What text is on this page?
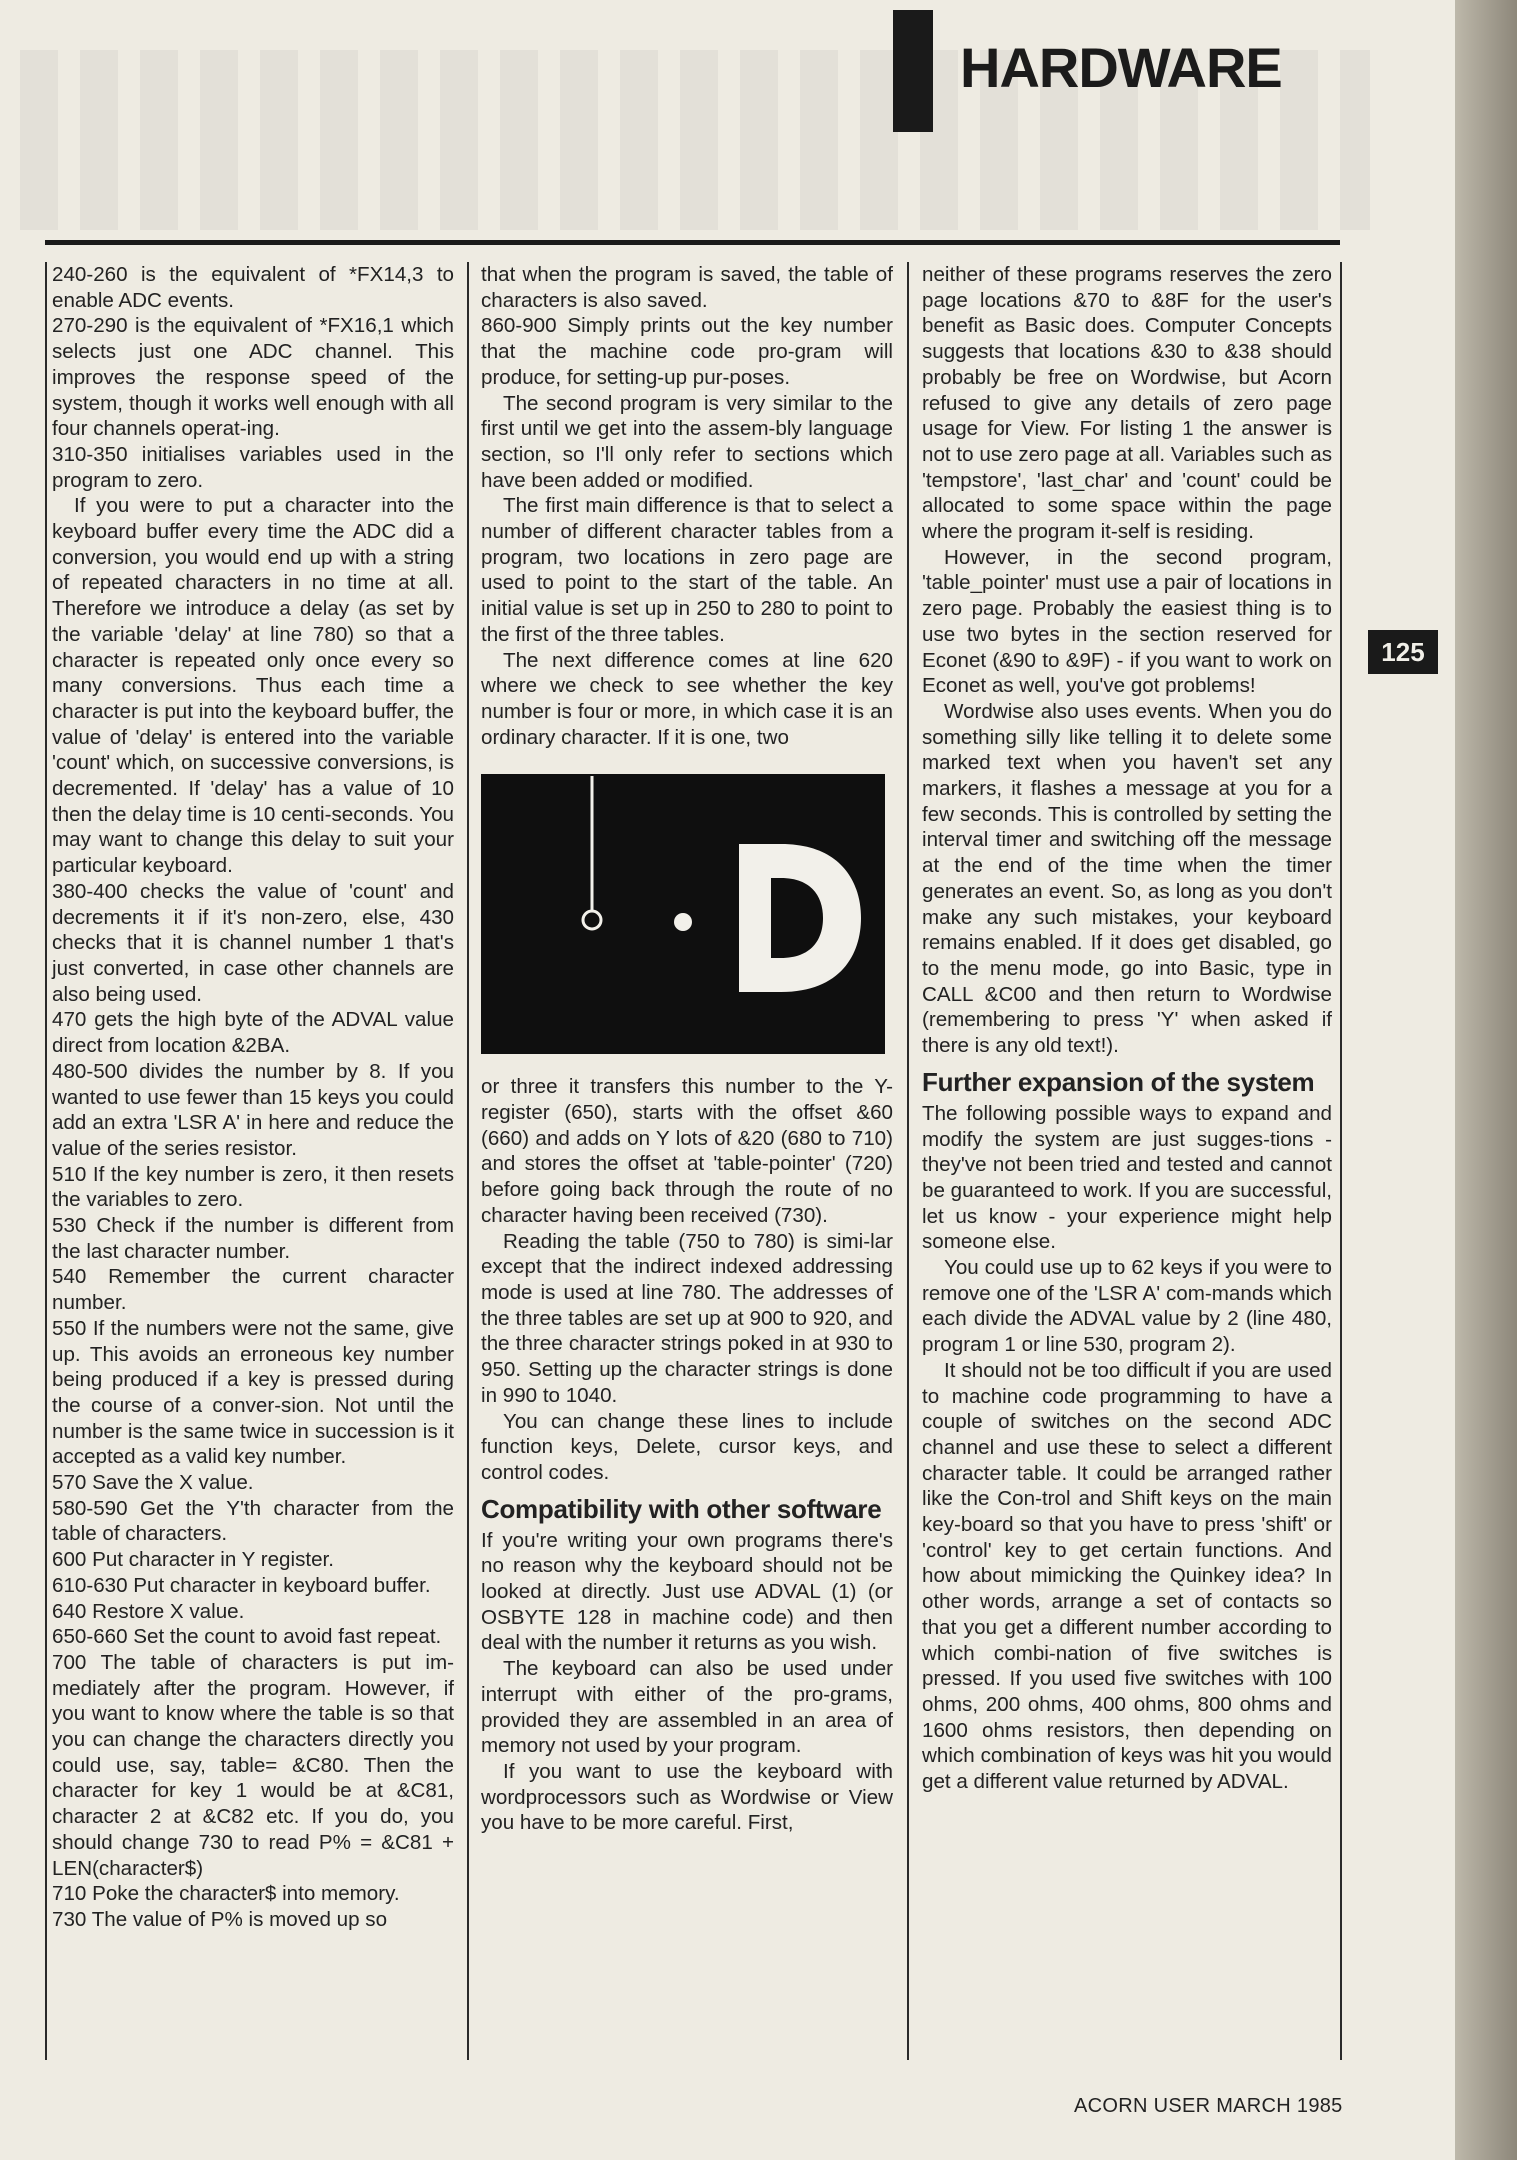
HARDWARE

240-260 is the equivalent of *FX14,3 to enable ADC events.

270-290 is the equivalent of *FX16,1 which selects just one ADC channel. This improves the response speed of the system, though it works well enough with all four channels operat-ing.

310-350 initialises variables used in the program to zero.

If you were to put a character into the keyboard buffer every time the ADC did a conversion, you would end up with a string of repeated characters in no time at all. Therefore we introduce a delay (as set by the variable 'delay' at line 780) so that a character is repeated only once every so many conversions. Thus each time a character is put into the keyboard buffer, the value of 'delay' is entered into the variable 'count' which, on successive conversions, is decremented. If 'delay' has a value of 10 then the delay time is 10 centi-seconds. You may want to change this delay to suit your particular keyboard.

380-400 checks the value of 'count' and decrements it if it's non-zero, else, 430 checks that it is channel number 1 that's just converted, in case other channels are also being used.

470 gets the high byte of the ADVAL value direct from location &2BA.

480-500 divides the number by 8. If you wanted to use fewer than 15 keys you could add an extra 'LSR A' in here and reduce the value of the series resistor.

510 If the key number is zero, it then resets the variables to zero.

530 Check if the number is different from the last character number.

540 Remember the current character number.

550 If the numbers were not the same, give up. This avoids an erroneous key number being produced if a key is pressed during the course of a conver-sion. Not until the number is the same twice in succession is it accepted as a valid key number.

570 Save the X value.

580-590 Get the Y'th character from the table of characters.

600 Put character in Y register.

610-630 Put character in keyboard buffer.

640 Restore X value.

650-660 Set the count to avoid fast repeat.

700 The table of characters is put im-mediately after the program. However, if you want to know where the table is so that you can change the characters directly you could use, say, table= &C80. Then the character for key 1 would be at &C81, character 2 at &C82 etc. If you do, you should change 730 to read P% = &C81 + LEN(character$)

710 Poke the character$ into memory.

730 The value of P% is moved up so

that when the program is saved, the table of characters is also saved.

860-900 Simply prints out the key number that the machine code pro-gram will produce, for setting-up pur-poses.

The second program is very similar to the first until we get into the assem-bly language section, so I'll only refer to sections which have been added or modified.

The first main difference is that to select a number of different character tables from a program, two locations in zero page are used to point to the start of the table. An initial value is set up in 250 to 280 to point to the first of the three tables.

The next difference comes at line 620 where we check to see whether the key number is four or more, in which case it is an ordinary character. If it is one, two

or three it transfers this number to the Y-register (650), starts with the offset &60 (660) and adds on Y lots of &20 (680 to 710) and stores the offset at 'table-pointer' (720) before going back through the route of no character having been received (730).

Reading the table (750 to 780) is simi-lar except that the indirect indexed addressing mode is used at line 780. The addresses of the three tables are set up at 900 to 920, and the three character strings poked in at 930 to 950. Setting up the character strings is done in 990 to 1040.

You can change these lines to include function keys, Delete, cursor keys, and control codes.

Compatibility with other software

If you're writing your own programs there's no reason why the keyboard should not be looked at directly. Just use ADVAL (1) (or OSBYTE 128 in machine code) and then deal with the number it returns as you wish.

The keyboard can also be used under interrupt with either of the pro-grams, provided they are assembled in an area of memory not used by your program.

If you want to use the keyboard with wordprocessors such as Wordwise or View you have to be more careful. First,

neither of these programs reserves the zero page locations &70 to &8F for the user's benefit as Basic does. Computer Concepts suggests that locations &30 to &38 should probably be free on Wordwise, but Acorn refused to give any details of zero page usage for View. For listing 1 the answer is not to use zero page at all. Variables such as 'tempstore', 'last_char' and 'count' could be allocated to some space within the page where the program it-self is residing.

However, in the second program, 'table_pointer' must use a pair of locations in zero page. Probably the easiest thing is to use two bytes in the section reserved for Econet (&90 to &9F) - if you want to work on Econet as well, you've got problems!

Wordwise also uses events. When you do something silly like telling it to delete some marked text when you haven't set any markers, it flashes a message at you for a few seconds. This is controlled by setting the interval timer and switching off the message at the end of the time when the timer generates an event. So, as long as you don't make any such mistakes, your keyboard remains enabled. If it does get disabled, go to the menu mode, go into Basic, type in CALL &C00 and then return to Wordwise (remembering to press 'Y' when asked if there is any old text!).

Further expansion of the system

The following possible ways to expand and modify the system are just sugges-tions - they've not been tried and tested and cannot be guaranteed to work. If you are successful, let us know - your experience might help someone else.

You could use up to 62 keys if you were to remove one of the 'LSR A' com-mands which each divide the ADVAL value by 2 (line 480, program 1 or line 530, program 2).

It should not be too difficult if you are used to machine code programming to have a couple of switches on the second ADC channel and use these to select a different character table. It could be arranged rather like the Con-trol and Shift keys on the main key-board so that you have to press 'shift' or 'control' key to get certain functions. And how about mimicking the Quinkey idea? In other words, arrange a set of contacts so that you get a different number according to which combi-nation of five switches is pressed. If you used five switches with 100 ohms, 200 ohms, 400 ohms, 800 ohms and 1600 ohms resistors, then depending on which combination of keys was hit you would get a different value returned by ADVAL.

125
ACORN USER MARCH 1985
